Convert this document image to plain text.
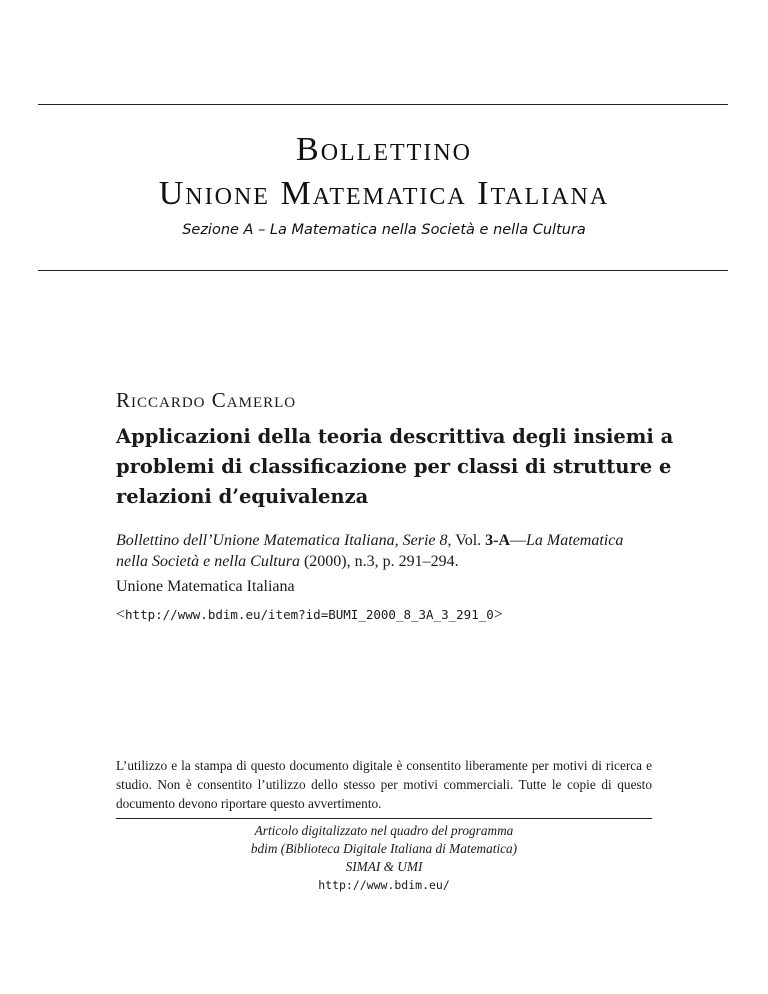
Bollettino
Unione Matematica Italiana
Sezione A – La Matematica nella Società e nella Cultura
Riccardo Camerlo
Applicazioni della teoria descrittiva degli insiemi a problemi di classificazione per classi di strutture e relazioni d’equivalenza
Bollettino dell’Unione Matematica Italiana, Serie 8, Vol. 3-A—La Matematica nella Società e nella Cultura (2000), n.3, p. 291–294.
Unione Matematica Italiana
<http://www.bdim.eu/item?id=BUMI_2000_8_3A_3_291_0>
L’utilizzo e la stampa di questo documento digitale è consentito liberamente per motivi di ricerca e studio. Non è consentito l’utilizzo dello stesso per motivi commerciali. Tutte le copie di questo documento devono riportare questo avvertimento.
Articolo digitalizzato nel quadro del programma
bdim (Biblioteca Digitale Italiana di Matematica)
SIMAI & UMI
http://www.bdim.eu/
